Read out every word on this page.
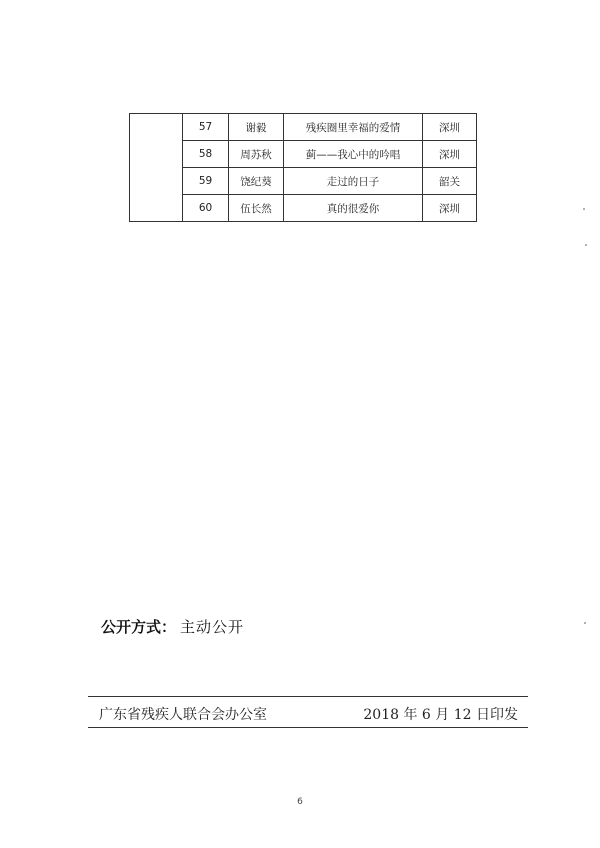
	57	谢毅	残疾圈里幸福的爱情	深圳
	58	周苏秋	蓟——我心中的吟唱	深圳
	59	饶纪葵	走过的日子	韶关
	60	伍长然	真的很爱你	深圳
公开方式： 主动公开
广东省残疾人联合会办公室	2018 年 6 月 12 日印发
6
